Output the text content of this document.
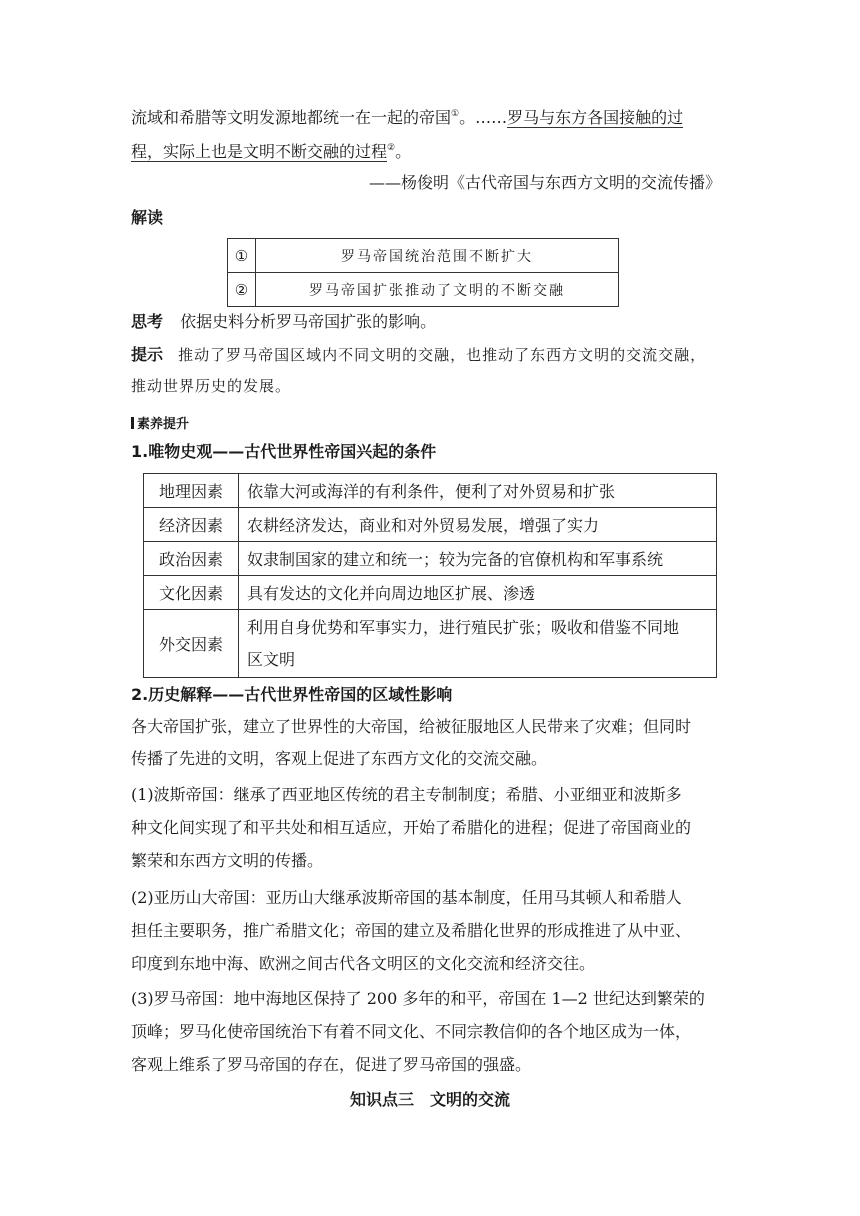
流域和希腊等文明发源地都统一在一起的帝国①。……罗马与东方各国接触的过
程，实际上也是文明不断交融的过程②。
——杨俊明《古代帝国与东西方文明的交流传播》
解读
①	罗马帝国统治范围不断扩大
②	罗马帝国扩张推动了文明的不断交融
思考 依据史料分析罗马帝国扩张的影响。
提示 推动了罗马帝国区域内不同文明的交融，也推动了东西方文明的交流交融，
推动世界历史的发展。
素养提升
1.唯物史观——古代世界性帝国兴起的条件
地理因素	依靠大河或海洋的有利条件，便利了对外贸易和扩张
经济因素	农耕经济发达，商业和对外贸易发展，增强了实力
政治因素	奴隶制国家的建立和统一；较为完备的官僚机构和军事系统
文化因素	具有发达的文化并向周边地区扩展、渗透
外交因素	利用自身优势和军事实力，进行殖民扩张；吸收和借鉴不同地
区文明
2.历史解释——古代世界性帝国的区域性影响
各大帝国扩张，建立了世界性的大帝国，给被征服地区人民带来了灾难；但同时
传播了先进的文明，客观上促进了东西方文化的交流交融。
(1)波斯帝国：继承了西亚地区传统的君主专制制度；希腊、小亚细亚和波斯多
种文化间实现了和平共处和相互适应，开始了希腊化的进程；促进了帝国商业的
繁荣和东西方文明的传播。
(2)亚历山大帝国：亚历山大继承波斯帝国的基本制度，任用马其顿人和希腊人
担任主要职务，推广希腊文化；帝国的建立及希腊化世界的形成推进了从中亚、
印度到东地中海、欧洲之间古代各文明区的文化交流和经济交往。
(3)罗马帝国：地中海地区保持了 200 多年的和平，帝国在 1—2 世纪达到繁荣的
顶峰；罗马化使帝国统治下有着不同文化、不同宗教信仰的各个地区成为一体，
客观上维系了罗马帝国的存在，促进了罗马帝国的强盛。
知识点三　文明的交流
